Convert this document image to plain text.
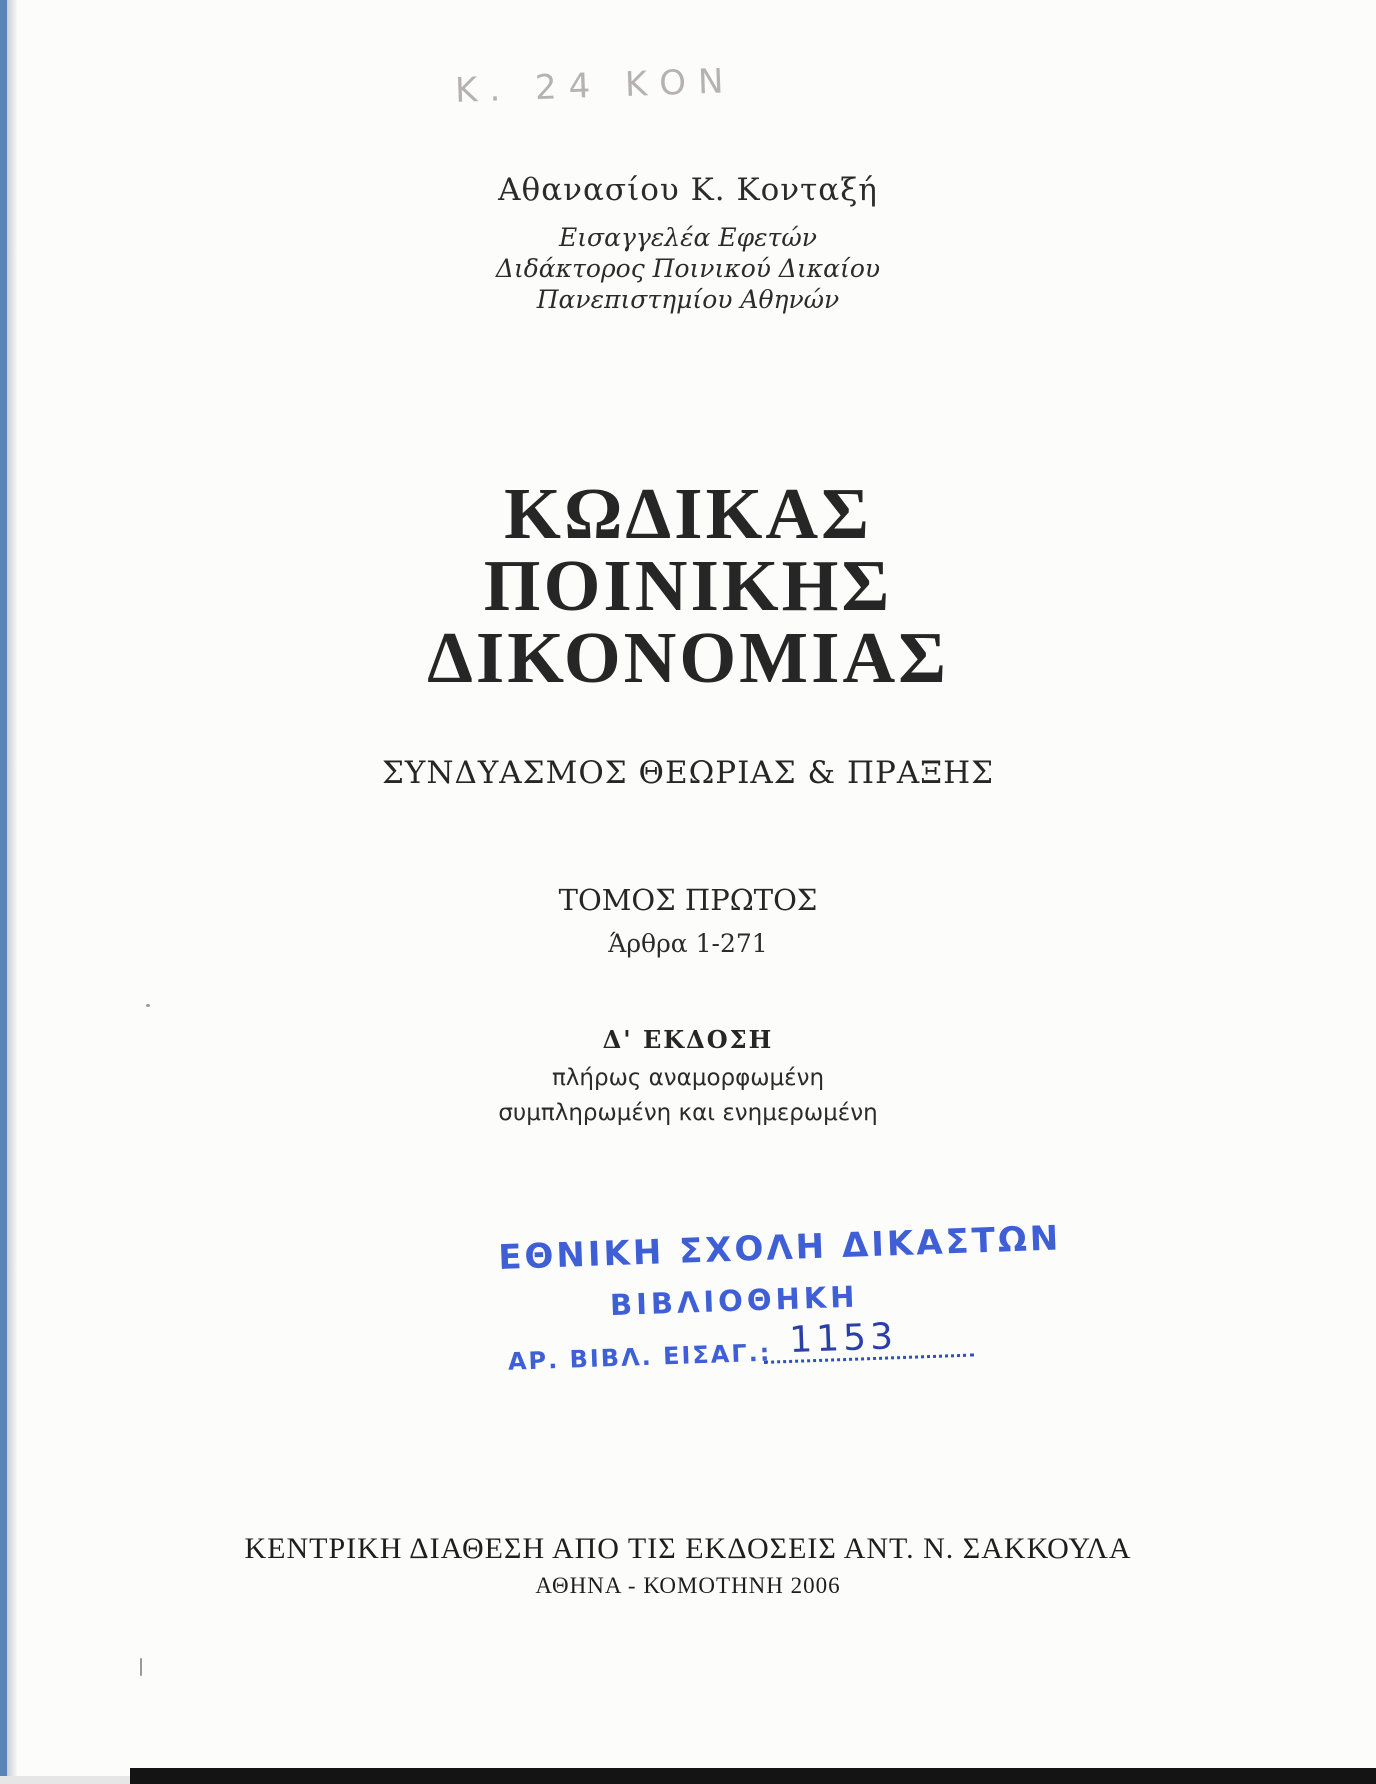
Κ. 24 ΚΟΝ
Αθανασίου Κ. Κονταξή
Εισαγγελέα Εφετών
Διδάκτορος Ποινικού Δικαίου
Πανεπιστημίου Αθηνών
ΚΩΔΙΚΑΣ
ΠΟΙΝΙΚΗΣ
ΔΙΚΟΝΟΜΙΑΣ
ΣΥΝΔΥΑΣΜΟΣ ΘΕΩΡΙΑΣ & ΠΡΑΞΗΣ
ΤΟΜΟΣ ΠΡΩΤΟΣ
Άρθρα 1-271
Δ' ΕΚΔΟΣΗ
πλήρως αναμορφωμένη
συμπληρωμένη και ενημερωμένη
ΕΘΝΙΚΗ ΣΧΟΛΗ ΔΙΚΑΣΤΩΝ
ΒΙΒΛΙΟΘΗΚΗ
ΑΡ. ΒΙΒΛ. ΕΙΣΑΓ.: 1153
ΚΕΝΤΡΙΚΗ ΔΙΑΘΕΣΗ ΑΠΟ ΤΙΣ ΕΚΔΟΣΕΙΣ ΑΝΤ. Ν. ΣΑΚΚΟΥΛΑ
ΑΘΗΝΑ - ΚΟΜΟΤΗΝΗ 2006
